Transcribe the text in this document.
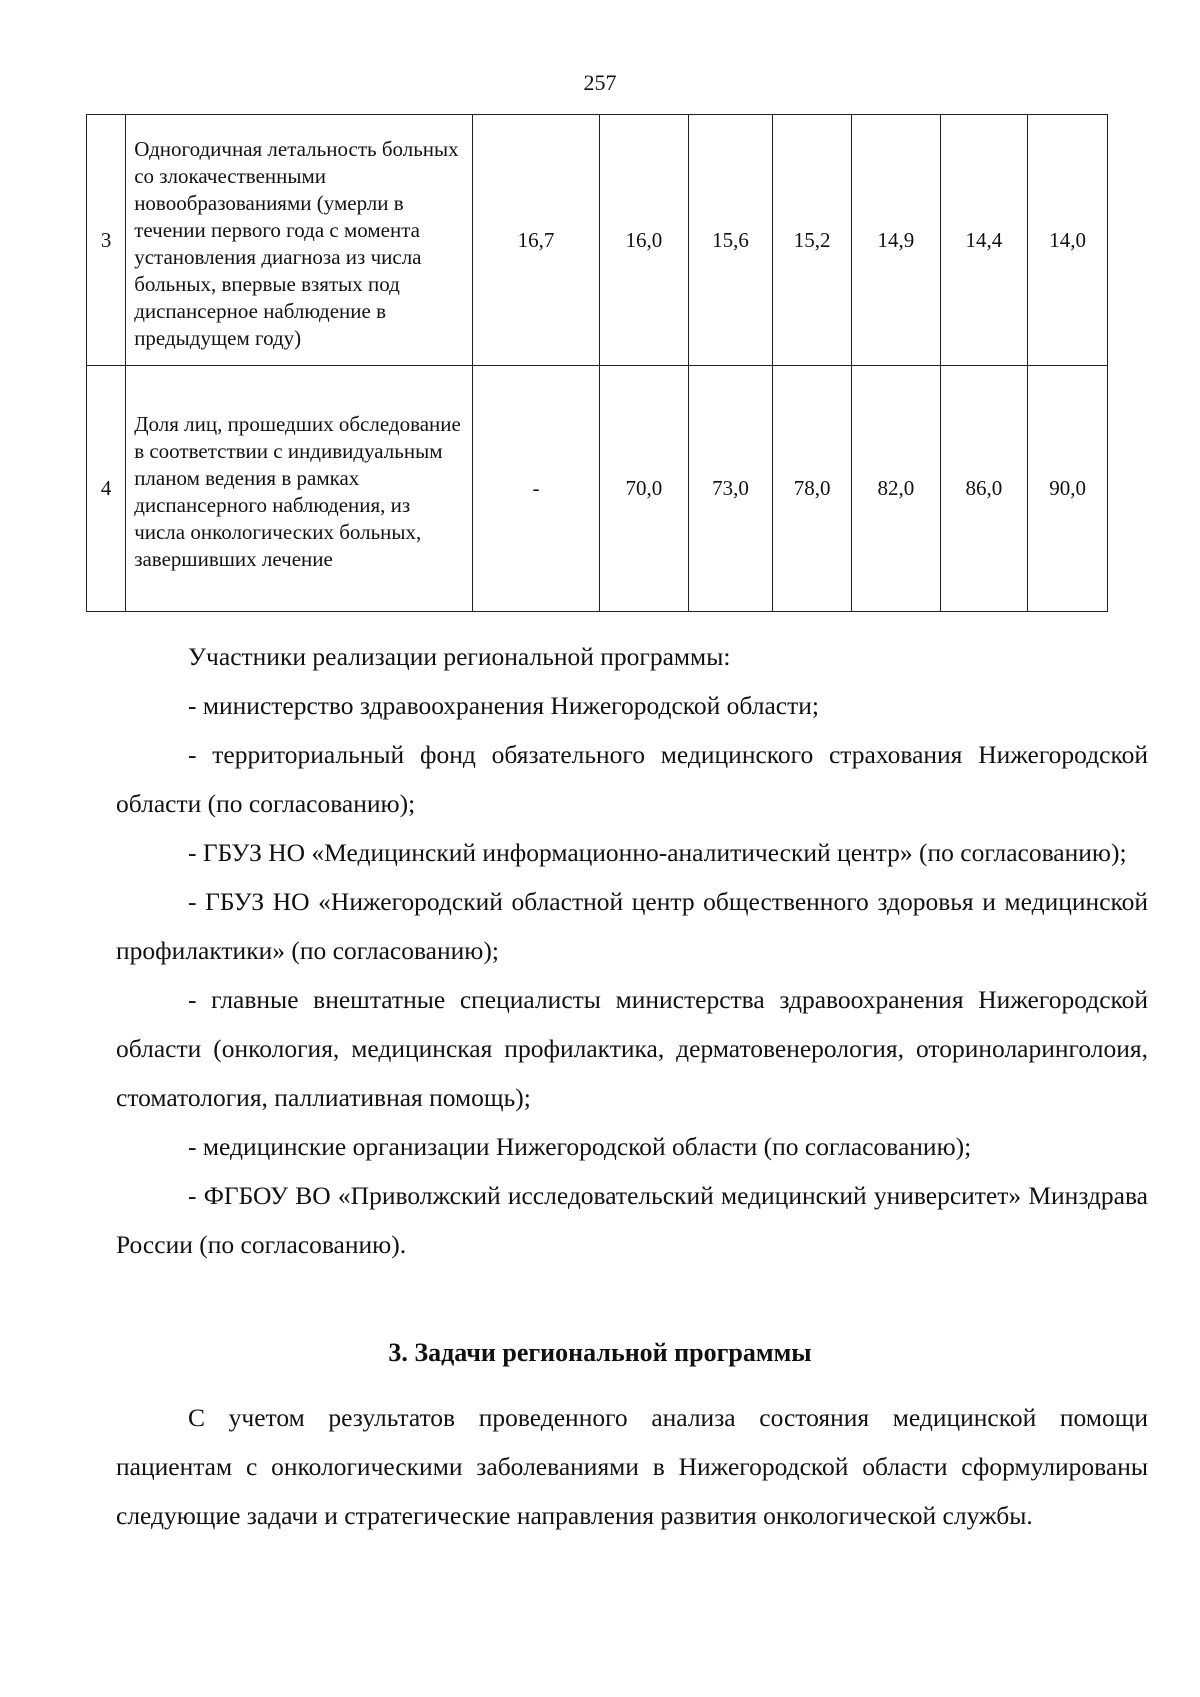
257
3	Одногодичная летальность больных со злокачественными новообразованиями (умерли в течении первого года с момента установления диагноза из числа больных, впервые взятых под диспансерное наблюдение в предыдущем году)	16,7	16,0	15,6	15,2	14,9	14,4	14,0
4	Доля лиц, прошедших обследование в соответствии с индивидуальным планом ведения в рамках диспансерного наблюдения, из числа онкологических больных, завершивших лечение	-	70,0	73,0	78,0	82,0	86,0	90,0

Участники реализации региональной программы:

- министерство здравоохранения Нижегородской области;

- территориальный фонд обязательного медицинского страхования Нижегородской области (по согласованию);

- ГБУЗ НО «Медицинский информационно-аналитический центр» (по согласованию);

- ГБУЗ НО «Нижегородский областной центр общественного здоровья и медицинской профилактики» (по согласованию);

- главные внештатные специалисты министерства здравоохранения Нижегородской области (онкология, медицинская профилактика, дерматовенерология, оториноларинголоия, стоматология, паллиативная помощь);

- медицинские организации Нижегородской области (по согласованию);

- ФГБОУ ВО «Приволжский исследовательский медицинский университет» Минздрава России (по согласованию).

3. Задачи региональной программы

С учетом результатов проведенного анализа состояния медицинской помощи пациентам с онкологическими заболеваниями в Нижегородской области сформулированы следующие задачи и стратегические направления развития онкологической службы.
